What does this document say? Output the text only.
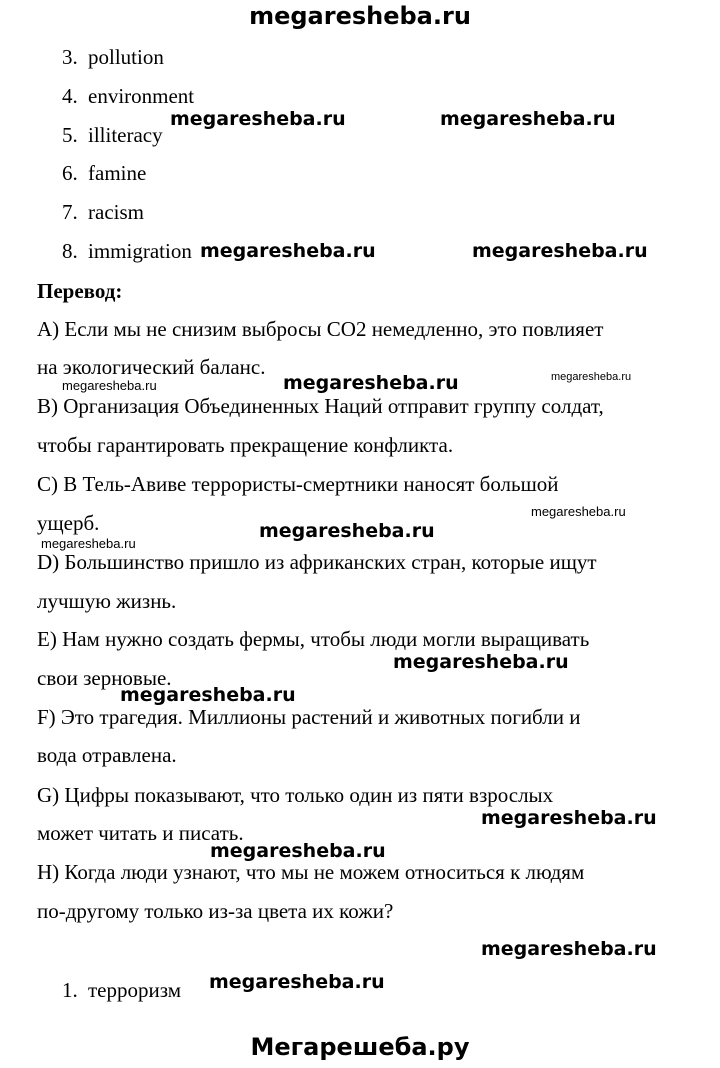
megaresheba.ru
3. pollution
4. environment
5. illiteracy
6. famine
7. racism
8. immigration
Перевод:
A) Если мы не снизим выбросы CO2 немедленно, это повлияет
на экологический баланс.
B) Организация Объединенных Наций отправит группу солдат,
чтобы гарантировать прекращение конфликта.
C) В Тель-Авиве террористы-смертники наносят большой
ущерб.
D) Большинство пришло из африканских стран, которые ищут
лучшую жизнь.
E) Нам нужно создать фермы, чтобы люди могли выращивать
свои зерновые.
F) Это трагедия. Миллионы растений и животных погибли и
вода отравлена.
G) Цифры показывают, что только один из пяти взрослых
может читать и писать.
H) Когда люди узнают, что мы не можем относиться к людям
по-другому только из-за цвета их кожи?
1. терроризм
megaresheba.ru	megaresheba.ru
megaresheba.ru	megaresheba.ru
megaresheba.ru
megaresheba.ru
megaresheba.ru
megaresheba.ru
megaresheba.ru
megaresheba.ru
megaresheba.ru
megaresheba.ru
megaresheba.ru
megaresheba.ru
megaresheba.ru
megaresheba.ru
Мегарешеба.ру
